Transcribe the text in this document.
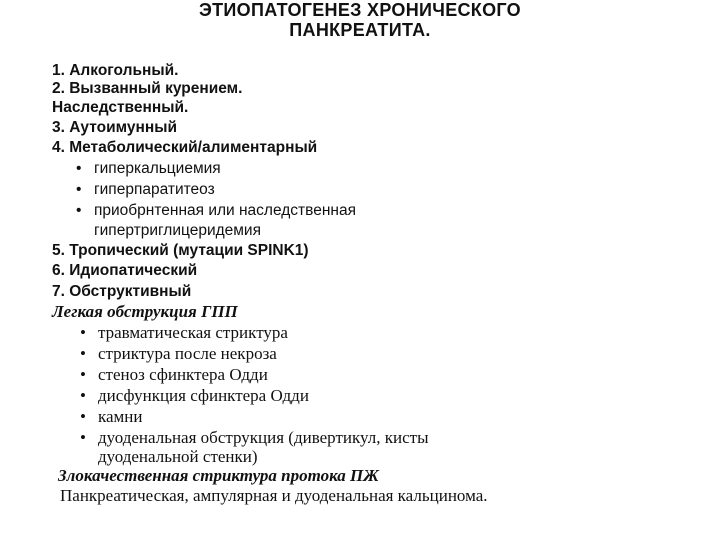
ЭТИОПАТОГЕНЕЗ ХРОНИЧЕСКОГО
ПАНКРЕАТИТА.
1. Алкогольный.
2. Вызванный курением.
Наследственный.
3. Аутоимунный
4. Метаболический/алиментарный
• гиперкальциемия
• гиперпаратитеоз
• приобрнтенная или наследственная
гипертриглицеридемия
5. Тропический (мутации SPINK1)
6. Идиопатический
7. Обструктивный
Легкая обструкция ГПП
• травматическая стриктура
• стриктура после некроза
• стеноз сфинктера Одди
• дисфункция сфинктера Одди
• камни
• дуоденальная обструкция (дивертикул, кисты
дуоденальной стенки)
Злокачественная стриктура протока ПЖ
Панкреатическая, ампулярная и дуоденальная кальцинома.
